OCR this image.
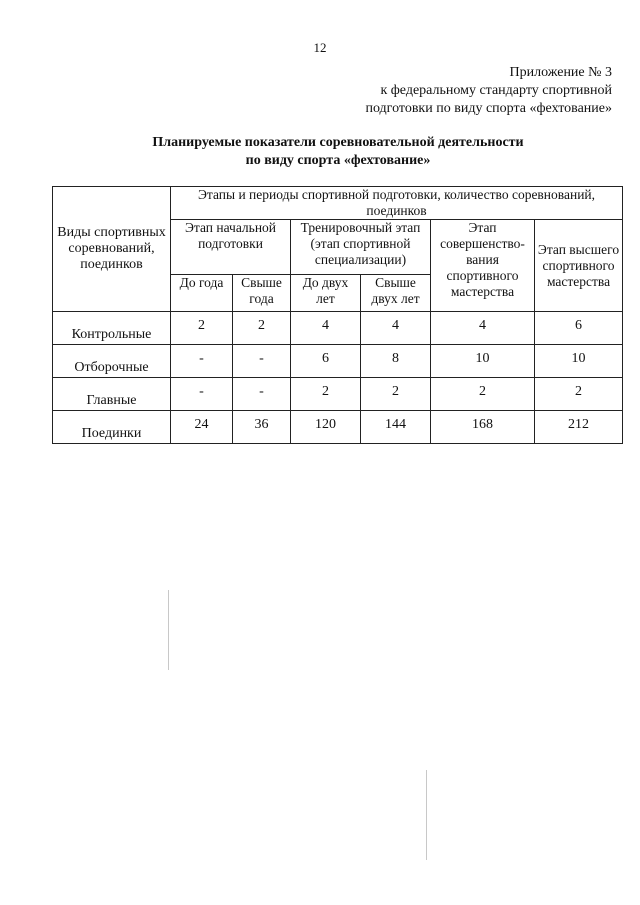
12
Приложение № 3
к федеральному стандарту спортивной
подготовки по виду спорта «фехтование»
Планируемые показатели соревновательной деятельности
по виду спорта «фехтование»
Виды спортивных соревнований, поединков	Этапы и периоды спортивной подготовки, количество соревнований, поединков					
	Этап начальной подготовки		Тренировочный этап (этап спортивной специализации)		Этап совершенство-вания спортивного мастерства	Этап высшего спортивного мастерства
	До года	Свыше года	До двух лет	Свыше двух лет		
Контрольные	2	2	4	4	4	6
Отборочные	-	-	6	8	10	10
Главные	-	-	2	2	2	2
Поединки	24	36	120	144	168	212
